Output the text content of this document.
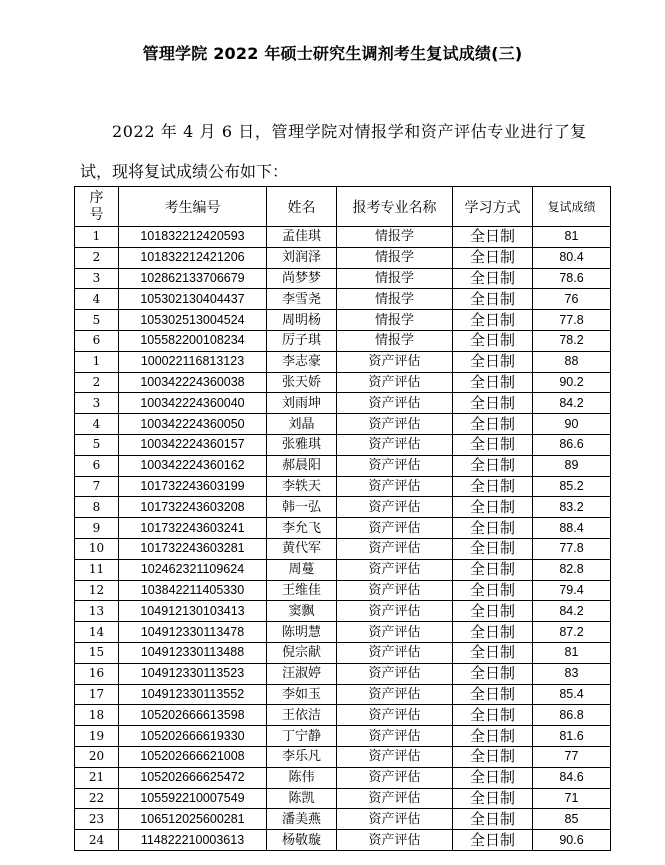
管理学院 2022 年硕士研究生调剂考生复试成绩(三)
2022 年 4 月 6 日，管理学院对情报学和资产评估专业进行了复
试，现将复试成绩公布如下：
序
号	考生编号	姓名	报考专业名称	学习方式	复试成绩
1	101832212420593	孟佳琪	情报学	全日制	81
2	101832212421206	刘润泽	情报学	全日制	80.4
3	102862133706679	尚梦梦	情报学	全日制	78.6
4	105302130404437	李雪尧	情报学	全日制	76
5	105302513004524	周明杨	情报学	全日制	77.8
6	105582200108234	厉子琪	情报学	全日制	78.2
1	100022116813123	李志豪	资产评估	全日制	88
2	100342224360038	张天娇	资产评估	全日制	90.2
3	100342224360040	刘雨坤	资产评估	全日制	84.2
4	100342224360050	刘晶	资产评估	全日制	90
5	100342224360157	张雅琪	资产评估	全日制	86.6
6	100342224360162	郝晨阳	资产评估	全日制	89
7	101732243603199	李轶天	资产评估	全日制	85.2
8	101732243603208	韩一弘	资产评估	全日制	83.2
9	101732243603241	李允飞	资产评估	全日制	88.4
10	101732243603281	黄代军	资产评估	全日制	77.8
11	102462321109624	周蔓	资产评估	全日制	82.8
12	103842211405330	王维佳	资产评估	全日制	79.4
13	104912130103413	窦飘	资产评估	全日制	84.2
14	104912330113478	陈明慧	资产评估	全日制	87.2
15	104912330113488	倪宗献	资产评估	全日制	81
16	104912330113523	汪淑婷	资产评估	全日制	83
17	104912330113552	李如玉	资产评估	全日制	85.4
18	105202666613598	王依洁	资产评估	全日制	86.8
19	105202666619330	丁宁静	资产评估	全日制	81.6
20	105202666621008	李乐凡	资产评估	全日制	77
21	105202666625472	陈伟	资产评估	全日制	84.6
22	105592210007549	陈凯	资产评估	全日制	71
23	106512025600281	潘美燕	资产评估	全日制	85
24	114822210003613	杨敬璇	资产评估	全日制	90.6
